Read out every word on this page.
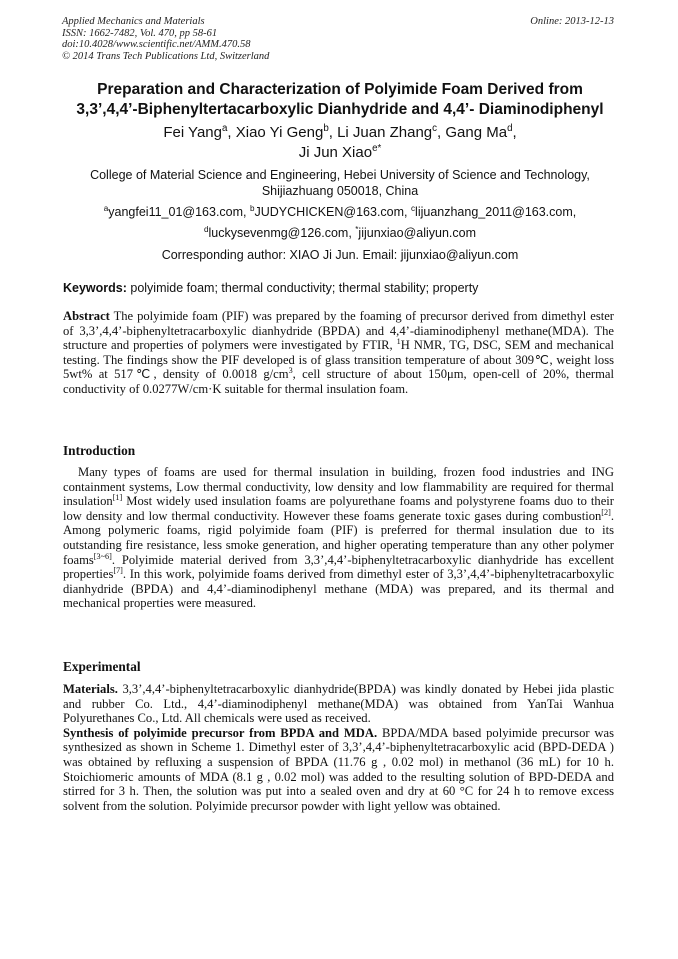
Applied Mechanics and Materials
ISSN: 1662-7482, Vol. 470, pp 58-61
doi:10.4028/www.scientific.net/AMM.470.58
© 2014 Trans Tech Publications Ltd, Switzerland
Online: 2013-12-13
Preparation and Characterization of Polyimide Foam Derived from
3,3’,4,4’-Biphenyltertacarboxylic Dianhydride and 4,4’- Diaminodiphenyl
Fei Yang$^a$, Xiao Yi Geng$^b$, Li Juan Zhang$^c$, Gang Ma$^d$,
Ji Jun Xiao$^{e*}$
College of Material Science and Engineering, Hebei University of Science and Technology,
Shijiazhuang 050018, China
$^a$yangfei11_01@163.com, $^b$JUDYCHICKEN@163.com, $^c$lijuanzhang_2011@163.com,
$^d$luckysevenmg@126.com, *jijunxiao@aliyun.com
Corresponding author: XIAO Ji Jun. Email: jijunxiao@aliyun.com
Keywords: polyimide foam; thermal conductivity; thermal stability; property
Abstract The polyimide foam (PIF) was prepared by the foaming of precursor derived from dimethyl ester of 3,3’,4,4’-biphenyltetracarboxylic dianhydride (BPDA) and 4,4’-diaminodiphenyl methane(MDA). The structure and properties of polymers were investigated by FTIR, $^1$H NMR, TG, DSC, SEM and mechanical testing. The findings show the PIF developed is of glass transition temperature of about 309℃, weight loss 5wt% at 517℃, density of 0.0018 $g/cm^3$, cell structure of about 150μm, open-cell of 20%, thermal conductivity of 0.0277W/cm·K suitable for thermal insulation foam.
Introduction
Many types of foams are used for thermal insulation in building, frozen food industries and ING containment systems, Low thermal conductivity, low density and low flammability are required for thermal insulation[1] Most widely used insulation foams are polyurethane foams and polystyrene foams duo to their low density and low thermal conductivity. However these foams generate toxic gases during combustion[2]. Among polymeric foams, rigid polyimide foam (PIF) is preferred for thermal insulation due to its outstanding fire resistance, less smoke generation, and higher operating temperature than any other polymer foams[3~6]. Polyimide material derived from 3,3’,4,4’-biphenyltetracarboxylic dianhydride has excellent properties[7]. In this work, polyimide foams derived from dimethyl ester of 3,3’,4,4’-biphenyltetracarboxylic dianhydride (BPDA) and 4,4’-diaminodiphenyl methane (MDA) was prepared, and its thermal and mechanical properties were measured.
Experimental
Materials. 3,3’,4,4’-biphenyltetracarboxylic dianhydride(BPDA) was kindly donated by Hebei jida plastic and rubber Co. Ltd., 4,4’-diaminodiphenyl methane(MDA) was obtained from YanTai Wanhua Polyurethanes Co., Ltd. All chemicals were used as received.
Synthesis of polyimide precursor from BPDA and MDA. BPDA/MDA based polyimide precursor was synthesized as shown in Scheme 1. Dimethyl ester of 3,3’,4,4’-biphenyltetracarboxylic acid (BPD-DEDA ) was obtained by refluxing a suspension of BPDA (11.76 g , 0.02 mol) in methanol (36 mL) for 10 h. Stoichiomeric amounts of MDA (8.1 g , 0.02 mol) was added to the resulting solution of BPD-DEDA and stirred for 3 h. Then, the solution was put into a sealed oven and dry at 60 °C for 24 h to remove excess solvent from the solution. Polyimide precursor powder with light yellow was obtained.
